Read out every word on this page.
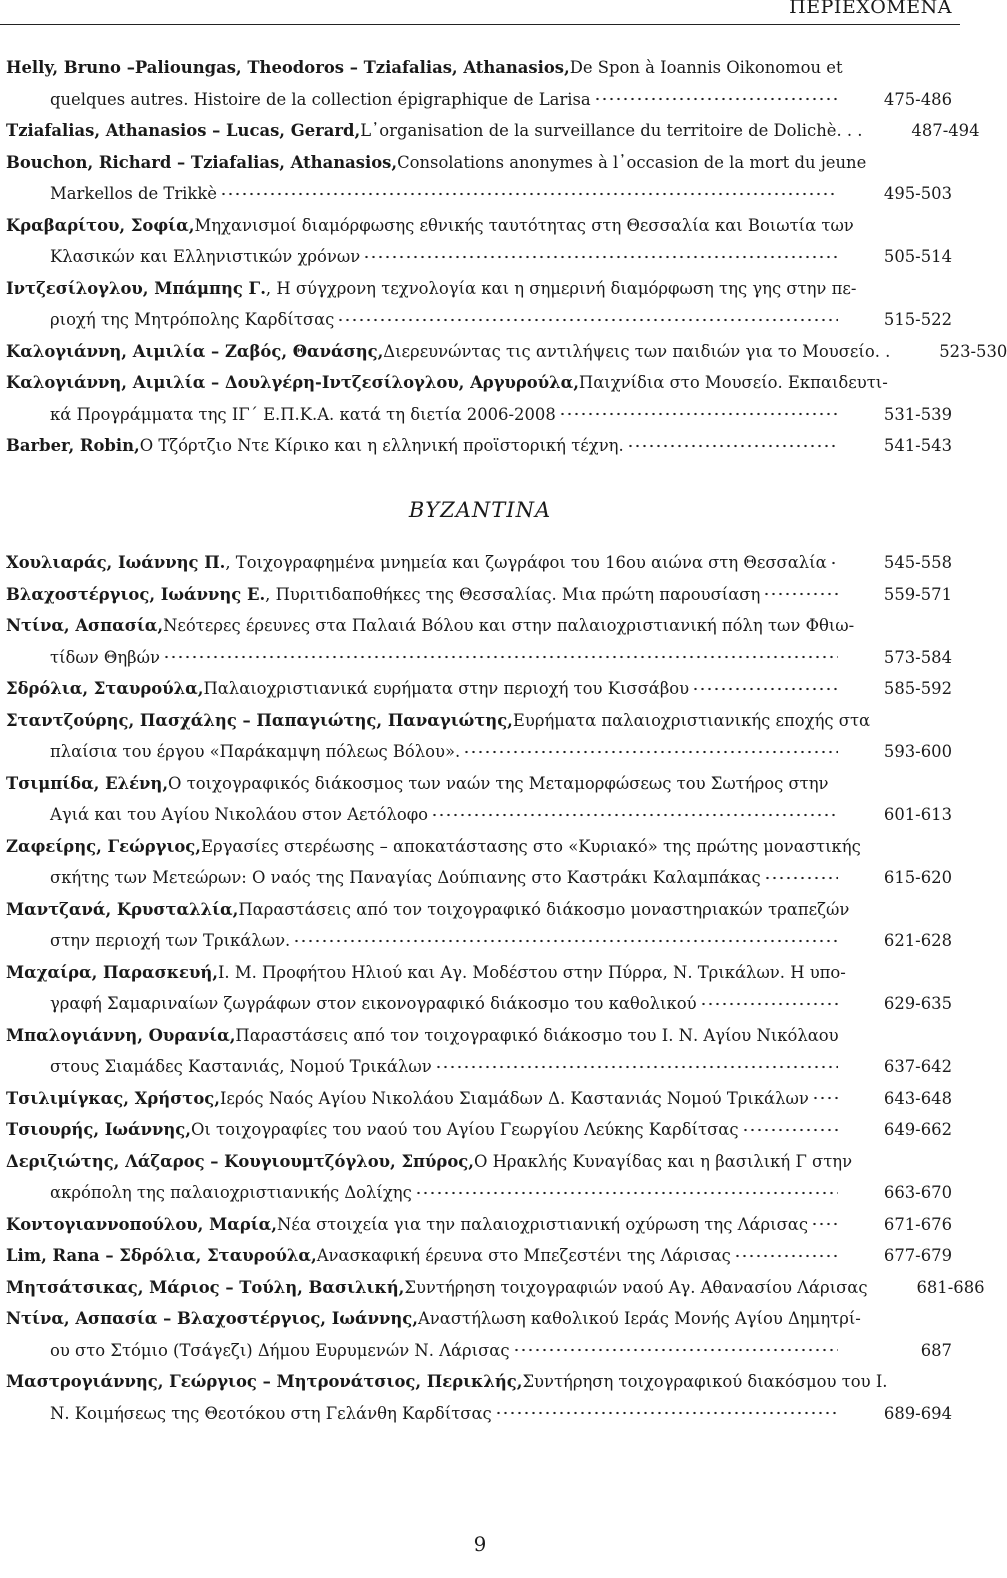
ΠΕΡΙΕΧΟΜΕΝΑ
Helly, Bruno –Palioungas, Theodoros – Tziafalias, Athanasios, De Spon à Ioannis Oikonomou et
quelques autres. Histoire de la collection épigraphique de Larisa	475-486
Tziafalias, Athanasios – Lucas, Gerard, L᾽organisation de la surveillance du territoire de Dolichè. . .	487-494
Bouchon, Richard – Tziafalias, Athanasios, Consolations anonymes à l᾽occasion de la mort du jeune
Markellos de Trikkè	495-503
Κραβαρίτου, Σοφία, Μηχανισμοί διαμόρφωσης εθνικής ταυτότητας στη Θεσσαλία και Βοιωτία των
Κλασικών και Ελληνιστικών χρόνων	505-514
Ιντζεσίλογλου, Μπάμπης Γ. , Η σύγχρονη τεχνολογία και η σημερινή διαμόρφωση της γης στην πε-
ριοχή της Μητρόπολης Καρδίτσας	515-522
Καλογιάννη, Αιμιλία – Ζαβός, Θανάσης, Διερευνώντας τις αντιλήψεις των παιδιών για το Μουσείο. .	523-530
Καλογιάννη, Αιμιλία – Δουλγέρη-Ιντζεσίλογλου, Αργυρούλα, Παιχνίδια στο Μουσείο. Εκπαιδευτι-
κά Προγράμματα της ΙΓ΄ Ε.Π.Κ.Α. κατά τη διετία 2006-2008	531-539
Barber, Robin, Ο Τζόρτζιο Ντε Κίρικο και η ελληνική προϊστορική τέχνη.	541-543
ΒΥΖΑΝΤΙΝΑ
Χουλιαράς, Ιωάννης Π. , Τοιχογραφημένα μνημεία και ζωγράφοι του 16ου αιώνα στη Θεσσαλία	545-558
Βλαχοστέργιος, Ιωάννης Ε. , Πυριτιδαποθήκες της Θεσσαλίας. Μια πρώτη παρουσίαση	559-571
Ντίνα, Ασπασία, Νεότερες έρευνες στα Παλαιά Βόλου και στην παλαιοχριστιανική πόλη των Φθιω-
τίδων Θηβών	573-584
Σδρόλια, Σταυρούλα, Παλαιοχριστιανικά ευρήματα στην περιοχή του Κισσάβου	585-592
Σταντζούρης, Πασχάλης – Παπαγιώτης, Παναγιώτης, Ευρήματα παλαιοχριστιανικής εποχής στα
πλαίσια του έργου «Παράκαμψη πόλεως Βόλου».	593-600
Τσιμπίδα, Ελένη, Ο τοιχογραφικός διάκοσμος των ναών της Μεταμορφώσεως του Σωτήρος στην
Αγιά και του Αγίου Νικολάου στον Αετόλοφο	601-613
Ζαφείρης, Γεώργιος, Εργασίες στερέωσης – αποκατάστασης στο «Κυριακό» της πρώτης μοναστικής
σκήτης των Μετεώρων: Ο ναός της Παναγίας Δούπιανης στο Καστράκι Καλαμπάκας	615-620
Μαντζανά, Κρυσταλλία, Παραστάσεις από τον τοιχογραφικό διάκοσμο μοναστηριακών τραπεζών
στην περιοχή των Τρικάλων.	621-628
Μαχαίρα, Παρασκευή, Ι. Μ. Προφήτου Ηλιού και Αγ. Μοδέστου στην Πύρρα, Ν. Τρικάλων. Η υπο-
γραφή Σαμαριναίων ζωγράφων στον εικονογραφικό διάκοσμο του καθολικού	629-635
Μπαλογιάννη, Ουρανία, Παραστάσεις από τον τοιχογραφικό διάκοσμο του Ι. Ν. Αγίου Νικόλαου
στους Σιαμάδες Καστανιάς, Νομού Τρικάλων	637-642
Τσιλιμίγκας, Χρήστος, Ιερός Ναός Αγίου Νικολάου Σιαμάδων Δ. Καστανιάς Νομού Τρικάλων	643-648
Τσιουρής, Ιωάννης, Οι τοιχογραφίες του ναού του Αγίου Γεωργίου Λεύκης Καρδίτσας	649-662
Δεριζιώτης, Λάζαρος – Κουγιουμτζόγλου, Σπύρος, Ο Ηρακλής Κυναγίδας και η βασιλική Γ στην
ακρόπολη της παλαιοχριστιανικής Δολίχης	663-670
Κοντογιαννοπούλου, Μαρία, Νέα στοιχεία για την παλαιοχριστιανική οχύρωση της Λάρισας	671-676
Lim, Rana – Σδρόλια, Σταυρούλα, Ανασκαφική έρευνα στο Μπεζεστένι της Λάρισας	677-679
Μητσάτσικας, Μάριος – Τούλη, Βασιλική, Συντήρηση τοιχογραφιών ναού Αγ. Αθανασίου Λάρισας	681-686
Ντίνα, Ασπασία – Βλαχοστέργιος, Ιωάννης, Αναστήλωση καθολικού Ιεράς Μονής Αγίου Δημητρί-
ου στο Στόμιο (Τσάγεζι) Δήμου Ευρυμενών Ν. Λάρισας	687
Μαστρογιάννης, Γεώργιος – Μητρονάτσιος, Περικλής, Συντήρηση τοιχογραφικού διακόσμου του Ι.
Ν. Κοιμήσεως της Θεοτόκου στη Γελάνθη Καρδίτσας	689-694
9
